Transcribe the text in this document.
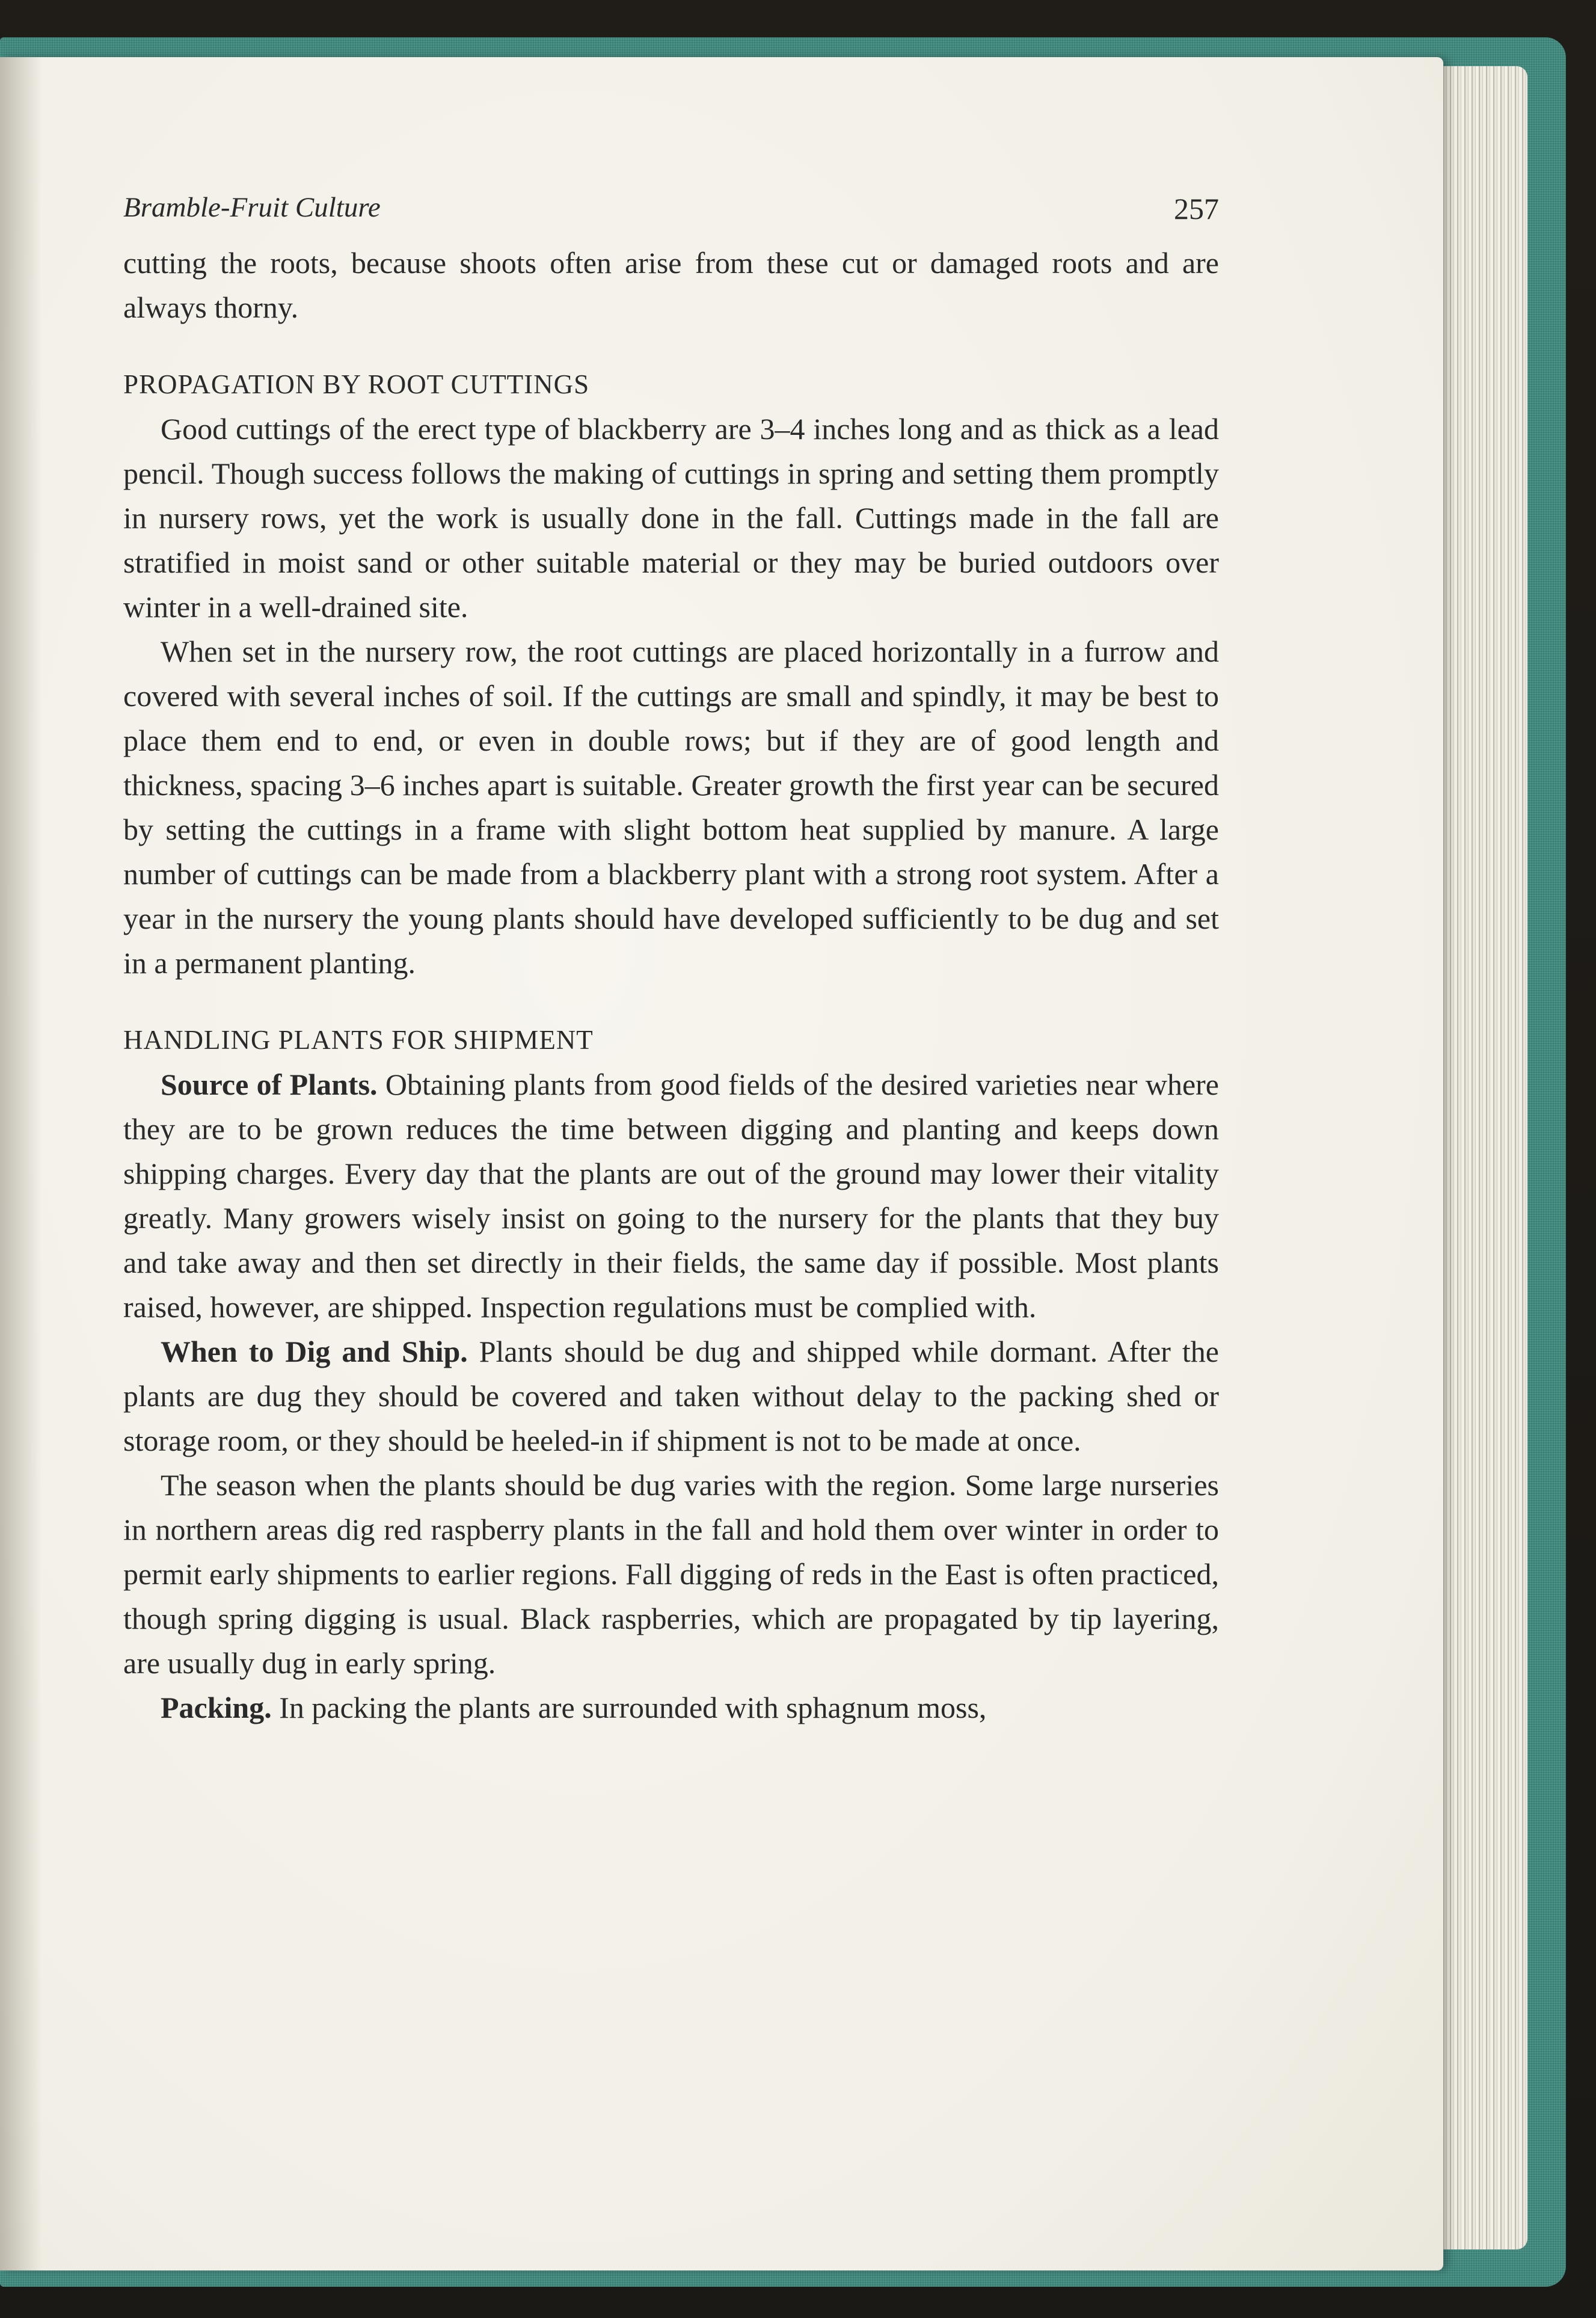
Bramble-Fruit Culture	257

cutting the roots, because shoots often arise from these cut or damaged roots and are always thorny.

PROPAGATION BY ROOT CUTTINGS

Good cuttings of the erect type of blackberry are 3–4 inches long and as thick as a lead pencil. Though success follows the making of cuttings in spring and setting them promptly in nursery rows, yet the work is usually done in the fall. Cuttings made in the fall are stratified in moist sand or other suitable material or they may be buried outdoors over winter in a well-drained site.

When set in the nursery row, the root cuttings are placed horizontally in a furrow and covered with several inches of soil. If the cuttings are small and spindly, it may be best to place them end to end, or even in double rows; but if they are of good length and thickness, spacing 3–6 inches apart is suitable. Greater growth the first year can be secured by setting the cuttings in a frame with slight bottom heat supplied by manure. A large number of cuttings can be made from a blackberry plant with a strong root system. After a year in the nursery the young plants should have developed sufficiently to be dug and set in a permanent planting.

HANDLING PLANTS FOR SHIPMENT

Source of Plants. Obtaining plants from good fields of the desired varieties near where they are to be grown reduces the time between digging and planting and keeps down shipping charges. Every day that the plants are out of the ground may lower their vitality greatly. Many growers wisely insist on going to the nursery for the plants that they buy and take away and then set directly in their fields, the same day if possible. Most plants raised, however, are shipped. Inspection regulations must be complied with.

When to Dig and Ship. Plants should be dug and shipped while dormant. After the plants are dug they should be covered and taken without delay to the packing shed or storage room, or they should be heeled-in if shipment is not to be made at once.

The season when the plants should be dug varies with the region. Some large nurseries in northern areas dig red raspberry plants in the fall and hold them over winter in order to permit early shipments to earlier regions. Fall digging of reds in the East is often practiced, though spring digging is usual. Black raspberries, which are propagated by tip layering, are usually dug in early spring.

Packing. In packing the plants are surrounded with sphagnum moss,
